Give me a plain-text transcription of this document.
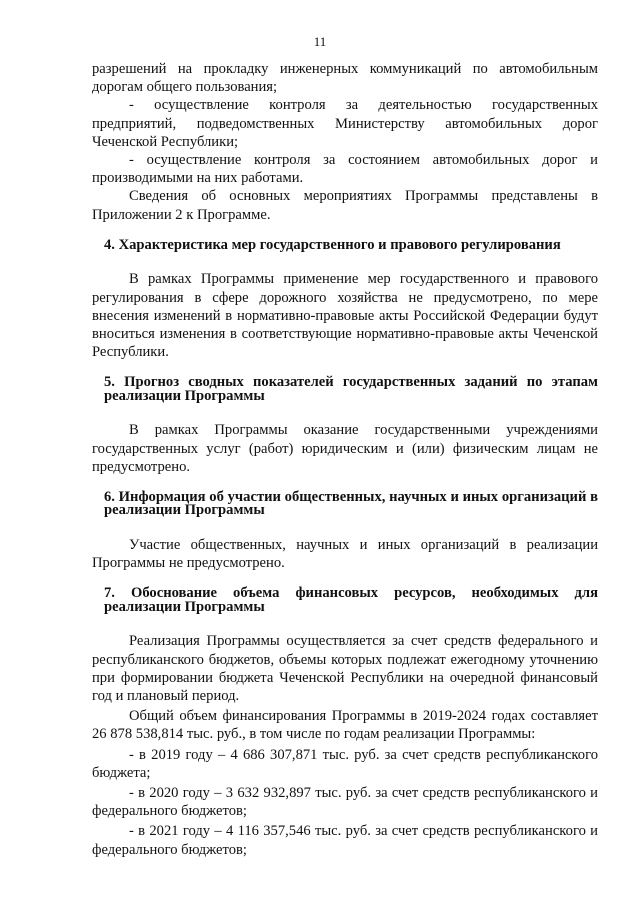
11

разрешений на прокладку инженерных коммуникаций по автомобильным дорогам общего пользования;

- осуществление контроля за деятельностью государственных предприятий, подведомственных Министерству автомобильных дорог Чеченской Республики;

- осуществление контроля за состоянием автомобильных дорог и производимыми на них работами.

Сведения об основных мероприятиях Программы представлены в Приложении 2 к Программе.

4. Характеристика мер государственного и правового регулирования

В рамках Программы применение мер государственного и правового регулирования в сфере дорожного хозяйства не предусмотрено, по мере внесения изменений в нормативно-правовые акты Российской Федерации будут вноситься изменения в соответствующие нормативно-правовые акты Чеченской Республики.

5. Прогноз сводных показателей государственных заданий по этапам реализации Программы

В рамках Программы оказание государственными учреждениями государственных услуг (работ) юридическим и (или) физическим лицам не предусмотрено.

6. Информация об участии общественных, научных и иных организаций в реализации Программы

Участие общественных, научных и иных организаций в реализации Программы не предусмотрено.

7. Обоснование объема финансовых ресурсов, необходимых для реализации Программы

Реализация Программы осуществляется за счет средств федерального и республиканского бюджетов, объемы которых подлежат ежегодному уточнению при формировании бюджета Чеченской Республики на очередной финансовый год и плановый период.

Общий объем финансирования Программы в 2019-2024 годах составляет 26 878 538,814 тыс. руб., в том числе по годам реализации Программы:

- в 2019 году – 4 686 307,871 тыс. руб. за счет средств республиканского бюджета;

- в 2020 году – 3 632 932,897 тыс. руб. за счет средств республиканского и федерального бюджетов;

- в 2021 году – 4 116 357,546 тыс. руб. за счет средств республиканского и федерального бюджетов;
